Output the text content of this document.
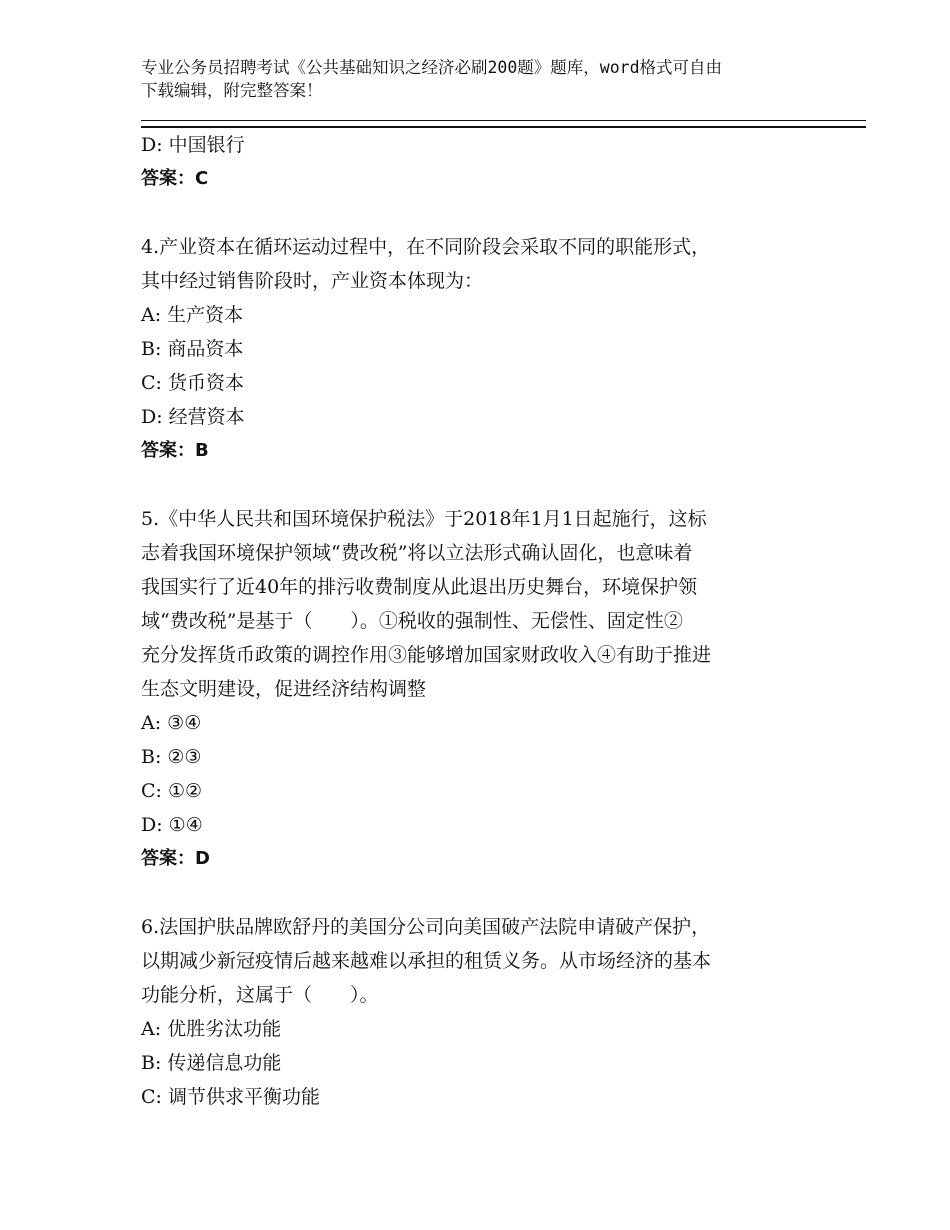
专业公务员招聘考试《公共基础知识之经济必刷200题》题库，word格式可自由
下载编辑，附完整答案！

D: 中国银行

答案：C

4.产业资本在循环运动过程中，在不同阶段会采取不同的职能形式，

其中经过销售阶段时，产业资本体现为：

A: 生产资本

B: 商品资本

C: 货币资本

D: 经营资本

答案：B

5.《中华人民共和国环境保护税法》于2018年1月1日起施行，这标

志着我国环境保护领域“费改税”将以立法形式确认固化，也意味着

我国实行了近40年的排污收费制度从此退出历史舞台，环境保护领

域“费改税”是基于（　　）。①税收的强制性、无偿性、固定性②

充分发挥货币政策的调控作用③能够增加国家财政收入④有助于推进

生态文明建设，促进经济结构调整

A: ③④

B: ②③

C: ①②

D: ①④

答案：D

6.法国护肤品牌欧舒丹的美国分公司向美国破产法院申请破产保护，

以期减少新冠疫情后越来越难以承担的租赁义务。从市场经济的基本

功能分析，这属于（　　）。

A: 优胜劣汰功能

B: 传递信息功能

C: 调节供求平衡功能
